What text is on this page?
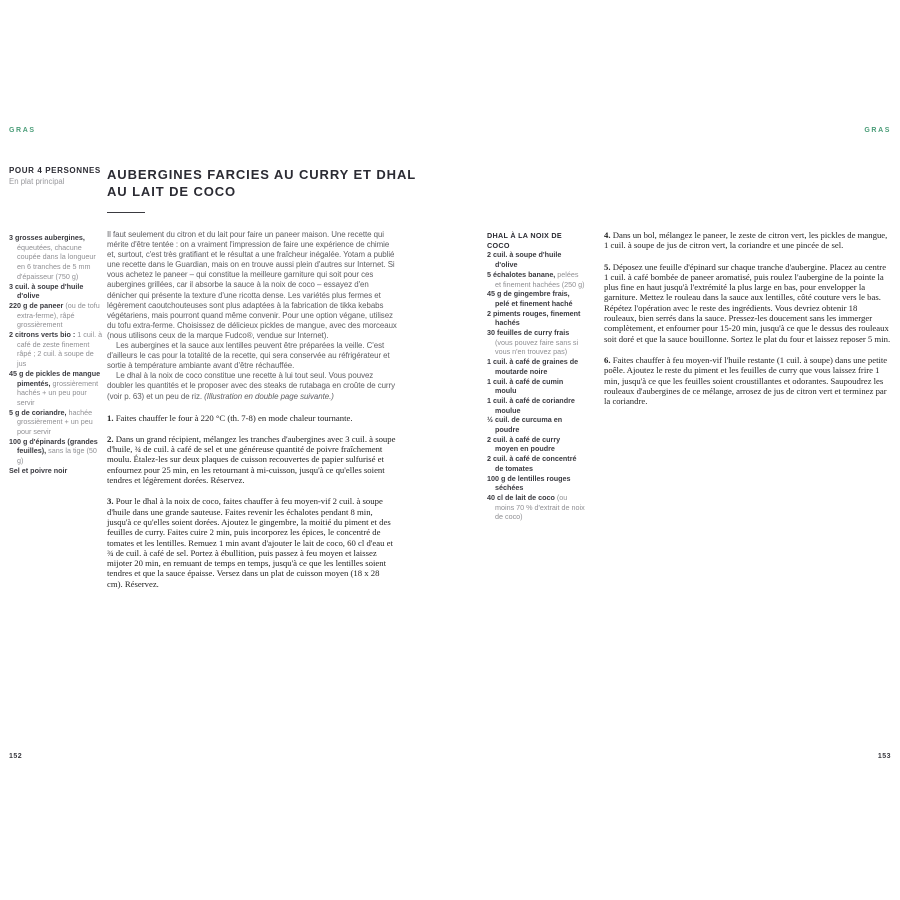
GRAS
POUR 4 PERSONNES
En plat principal	AUBERGINES FARCIES AU CURRY ET DHAL AU LAIT DE COCO
3 grosses aubergines, équeutées, chacune coupée dans la longueur en 6 tranches de 5 mm d'épaisseur (750 g)
3 cuil. à soupe d'huile d'olive
220 g de paneer (ou de tofu extra-ferme), râpé grossièrement
2 citrons verts bio : 1 cuil. à café de zeste finement râpé ; 2 cuil. à soupe de jus
45 g de pickles de mangue pimentés, grossièrement hachés + un peu pour servir
5 g de coriandre, hachée grossièrement + un peu pour servir
100 g d'épinards (grandes feuilles), sans la tige (50 g)
Sel et poivre noir

Il faut seulement du citron et du lait pour faire un paneer maison. Une recette qui mérite d'être tentée : on a vraiment l'impression de faire une expérience de chimie et, surtout, c'est très gratifiant et le résultat a une fraîcheur inégalée. Yotam a publié une recette dans le Guardian, mais on en trouve aussi plein d'autres sur Internet. Si vous achetez le paneer – qui constitue la meilleure garniture qui soit pour ces aubergines grillées, car il absorbe la sauce à la noix de coco – essayez d'en dénicher qui présente la texture d'une ricotta dense. Les variétés plus fermes et légèrement caoutchouteuses sont plus adaptées à la fabrication de tikka kebabs végétariens, mais pourront quand même convenir. Pour une option végane, utilisez du tofu extra-ferme. Choisissez de délicieux pickles de mangue, avec des morceaux (nous utilisons ceux de la marque Fudco®, vendue sur Internet).

Les aubergines et la sauce aux lentilles peuvent être préparées la veille. C'est d'ailleurs le cas pour la totalité de la recette, qui sera conservée au réfrigérateur et sortie à température ambiante avant d'être réchauffée.

Le dhal à la noix de coco constitue une recette à lui tout seul. Vous pouvez doubler les quantités et le proposer avec des steaks de rutabaga en croûte de curry (voir p. 63) et un peu de riz. (Illustration en double page suivante.)

1. Faites chauffer le four à 220 °C (th. 7-8) en mode chaleur tournante.

2. Dans un grand récipient, mélangez les tranches d'aubergines avec 3 cuil. à soupe d'huile, ¾ de cuil. à café de sel et une généreuse quantité de poivre fraîchement moulu. Étalez-les sur deux plaques de cuisson recouvertes de papier sulfurisé et enfournez pour 25 min, en les retournant à mi-cuisson, jusqu'à ce qu'elles soient tendres et légèrement dorées. Réservez.

3. Pour le dhal à la noix de coco, faites chauffer à feu moyen-vif 2 cuil. à soupe d'huile dans une grande sauteuse. Faites revenir les échalotes pendant 8 min, jusqu'à ce qu'elles soient dorées. Ajoutez le gingembre, la moitié du piment et des feuilles de curry. Faites cuire 2 min, puis incorporez les épices, le concentré de tomates et les lentilles. Remuez 1 min avant d'ajouter le lait de coco, 60 cl d'eau et ¾ de cuil. à café de sel. Portez à ébullition, puis passez à feu moyen et laissez mijoter 20 min, en remuant de temps en temps, jusqu'à ce que les lentilles soient tendres et que la sauce épaisse. Versez dans un plat de cuisson moyen (18 x 28 cm). Réservez.

152
GRAS

DHAL À LA NOIX DE COCO

2 cuil. à soupe d'huile d'olive
5 échalotes banane, pelées et finement hachées (250 g)
45 g de gingembre frais, pelé et finement haché
2 piments rouges, finement hachés
30 feuilles de curry frais (vous pouvez faire sans si vous n'en trouvez pas)
1 cuil. à café de graines de moutarde noire
1 cuil. à café de cumin moulu
1 cuil. à café de coriandre moulue
½ cuil. de curcuma en poudre
2 cuil. à café de curry moyen en poudre
2 cuil. à café de concentré de tomates
100 g de lentilles rouges séchées
40 cl de lait de coco (ou moins 70 % d'extrait de noix de coco)

4. Dans un bol, mélangez le paneer, le zeste de citron vert, les pickles de mangue, 1 cuil. à soupe de jus de citron vert, la coriandre et une pincée de sel.

5. Déposez une feuille d'épinard sur chaque tranche d'aubergine. Placez au centre 1 cuil. à café bombée de paneer aromatisé, puis roulez l'aubergine de la pointe la plus fine en haut jusqu'à l'extrémité la plus large en bas, pour envelopper la garniture. Mettez le rouleau dans la sauce aux lentilles, côté couture vers le bas. Répétez l'opération avec le reste des ingrédients. Vous devriez obtenir 18 rouleaux, bien serrés dans la sauce. Pressez-les doucement sans les immerger complètement, et enfourner pour 15-20 min, jusqu'à ce que le dessus des rouleaux soit doré et que la sauce bouillonne. Sortez le plat du four et laissez reposer 5 min.

6. Faites chauffer à feu moyen-vif l'huile restante (1 cuil. à soupe) dans une petite poêle. Ajoutez le reste du piment et les feuilles de curry que vous laissez frire 1 min, jusqu'à ce que les feuilles soient croustillantes et odorantes. Saupoudrez les rouleaux d'aubergines de ce mélange, arrosez de jus de citron vert et terminez par la coriandre.

153
